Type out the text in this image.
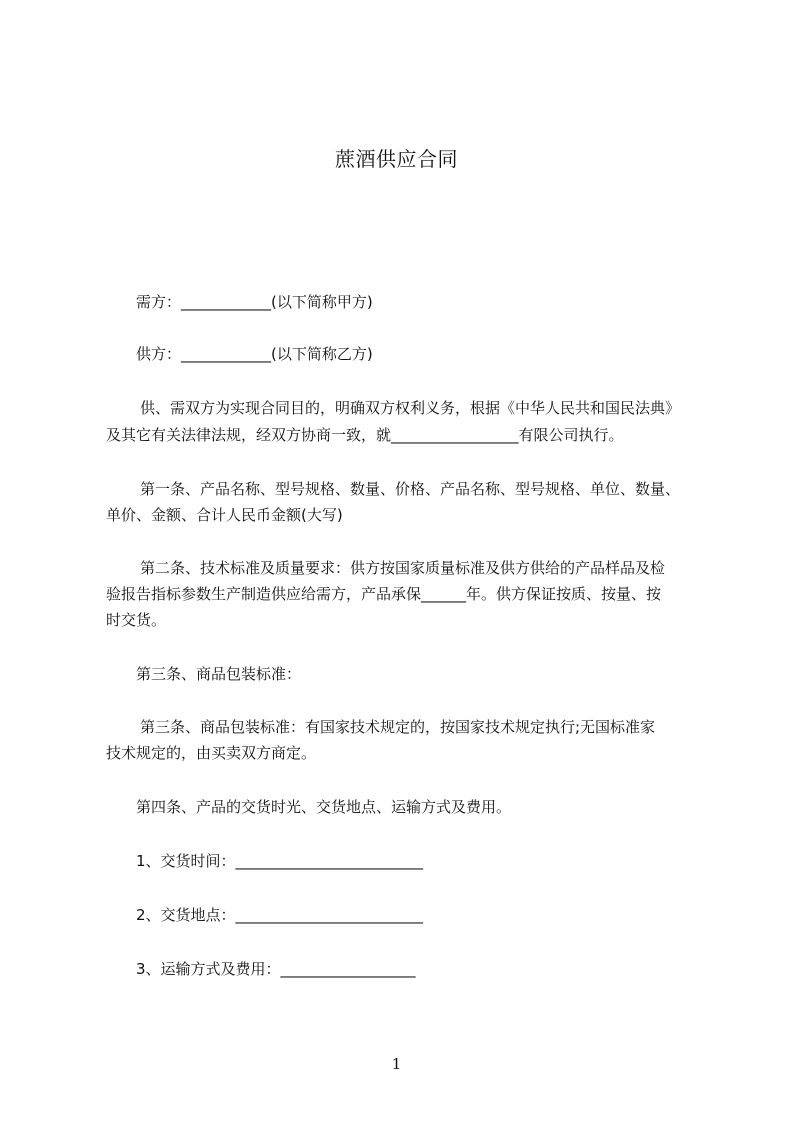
蔗酒供应合同
需方：____________(以下简称甲方)
供方：____________(以下简称乙方)
供、需双方为实现合同目的，明确双方权利义务，根据《中华人民共和国民法典》
及其它有关法律法规，经双方协商一致，就_________________有限公司执行。
第一条、产品名称、型号规格、数量、价格、产品名称、型号规格、单位、数量、
单价、金额、合计人民币金额(大写)
第二条、技术标准及质量要求：供方按国家质量标准及供方供给的产品样品及检
验报告指标参数生产制造供应给需方，产品承保______年。供方保证按质、按量、按
时交货。
第三条、商品包装标准：
第三条、商品包装标准：有国家技术规定的，按国家技术规定执行;无国标准家
技术规定的，由买卖双方商定。
第四条、产品的交货时光、交货地点、运输方式及费用。
1、交货时间：_________________________
2、交货地点：_________________________
3、运输方式及费用：__________________
1
